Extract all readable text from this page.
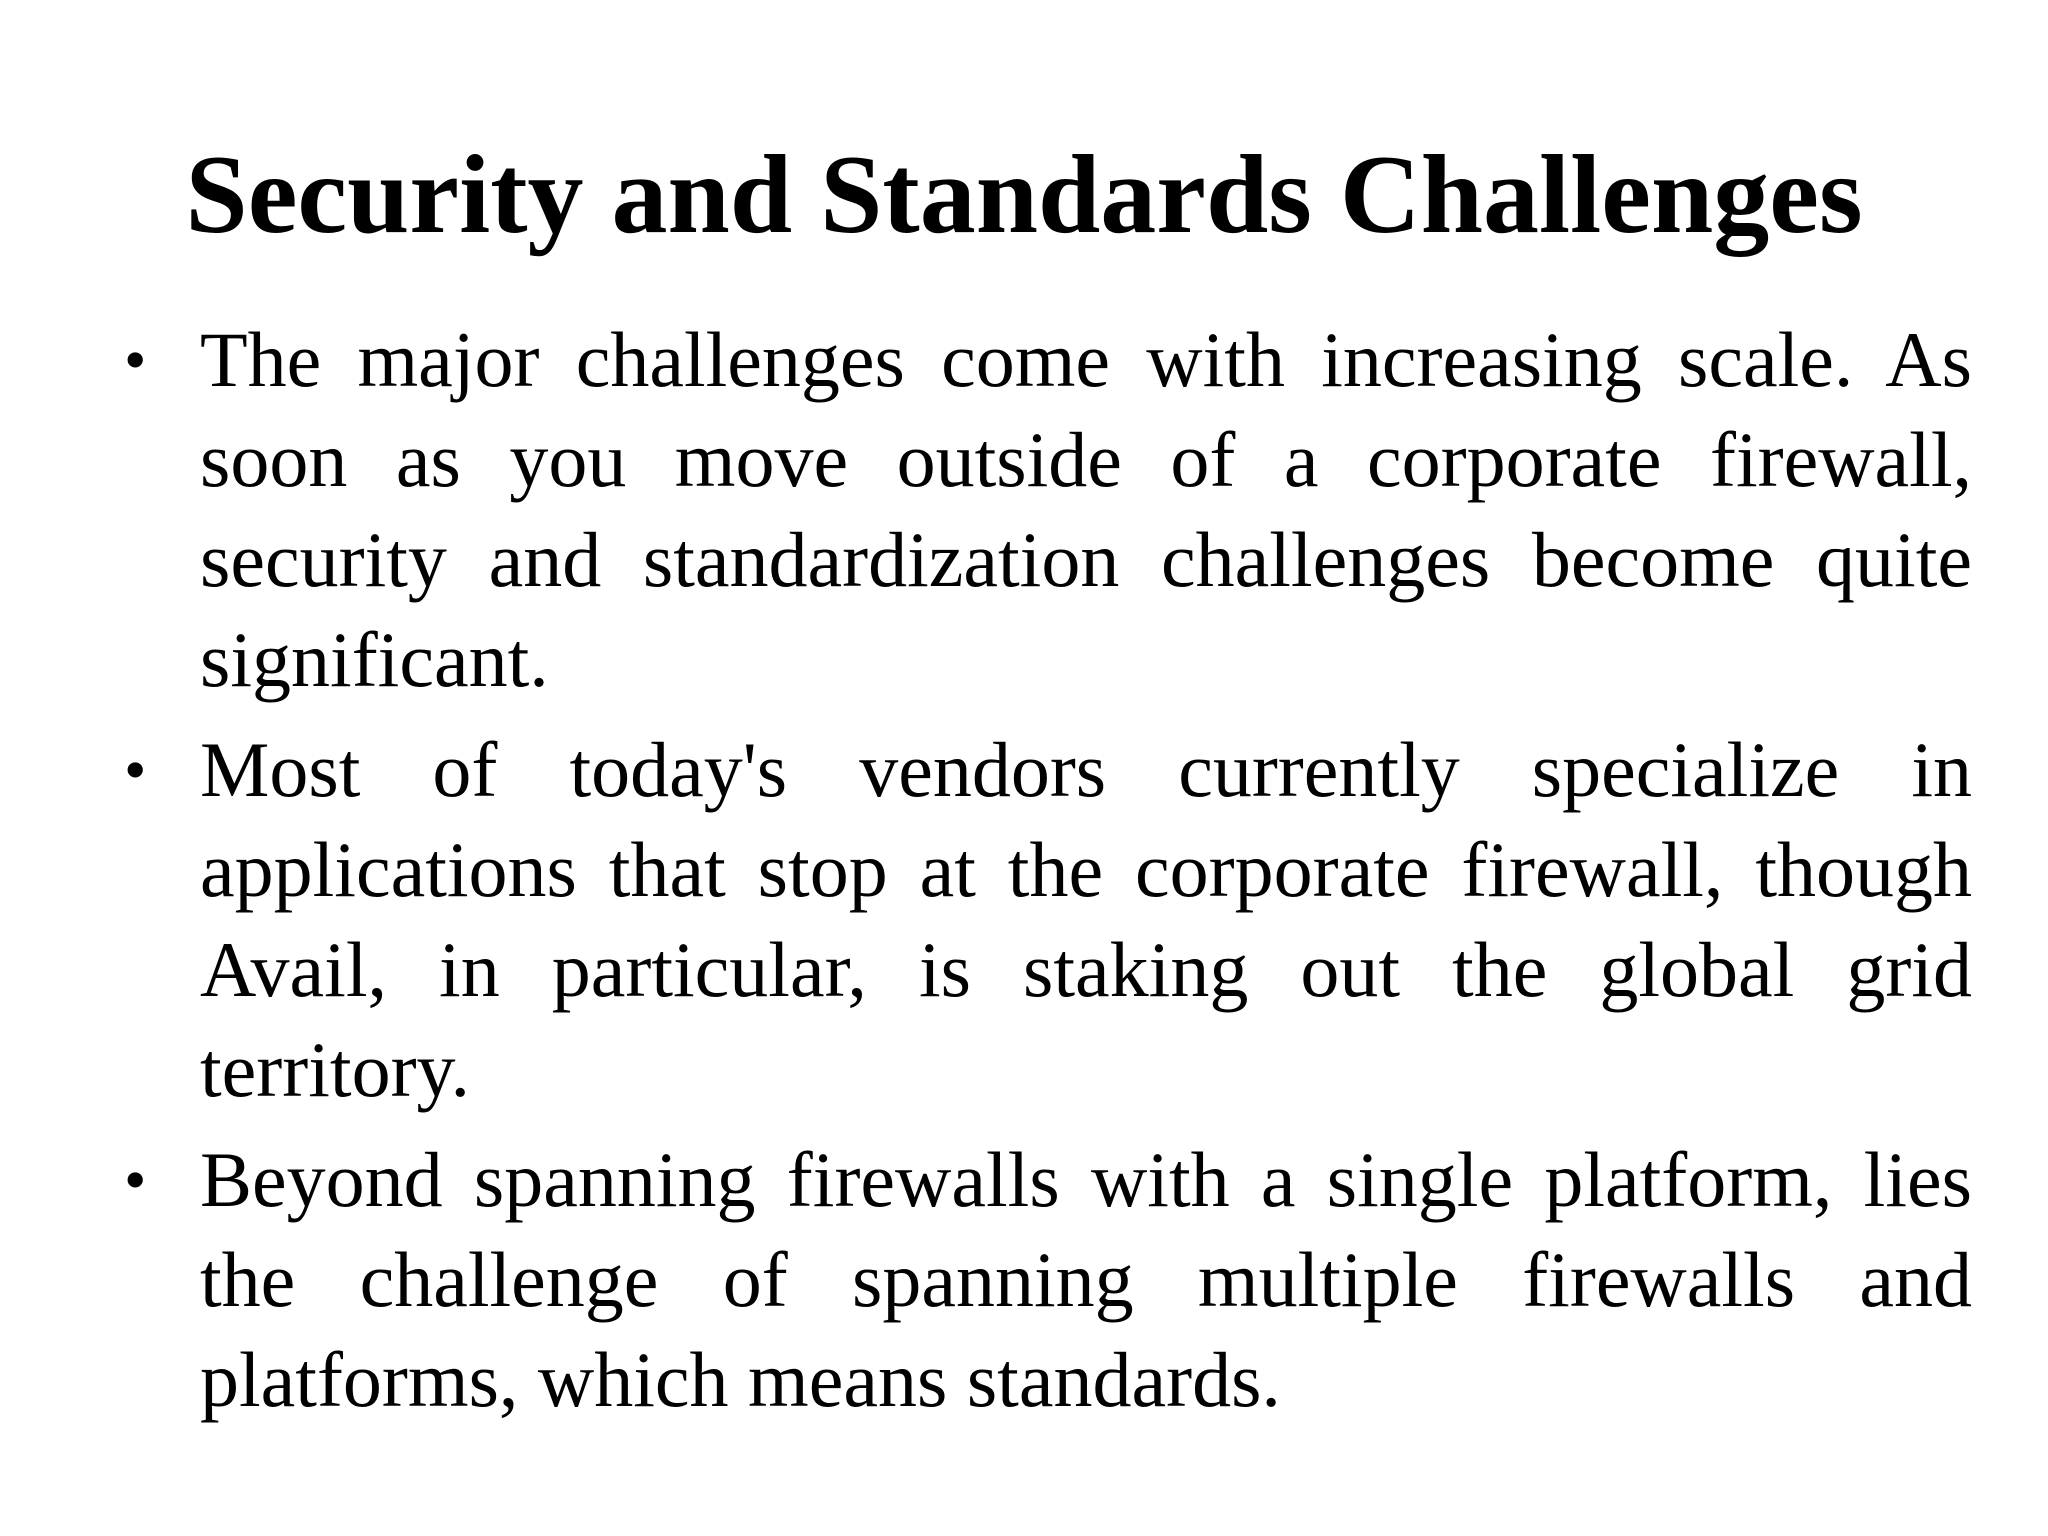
Security and Standards Challenges
• The major challenges come with increasing scale. As soon as you move outside of a corporate firewall, security and standardization challenges become quite significant.
• Most of today's vendors currently specialize in applications that stop at the corporate firewall, though Avail, in particular, is staking out the global grid territory.
• Beyond spanning firewalls with a single platform, lies the challenge of spanning multiple firewalls and platforms, which means standards.
